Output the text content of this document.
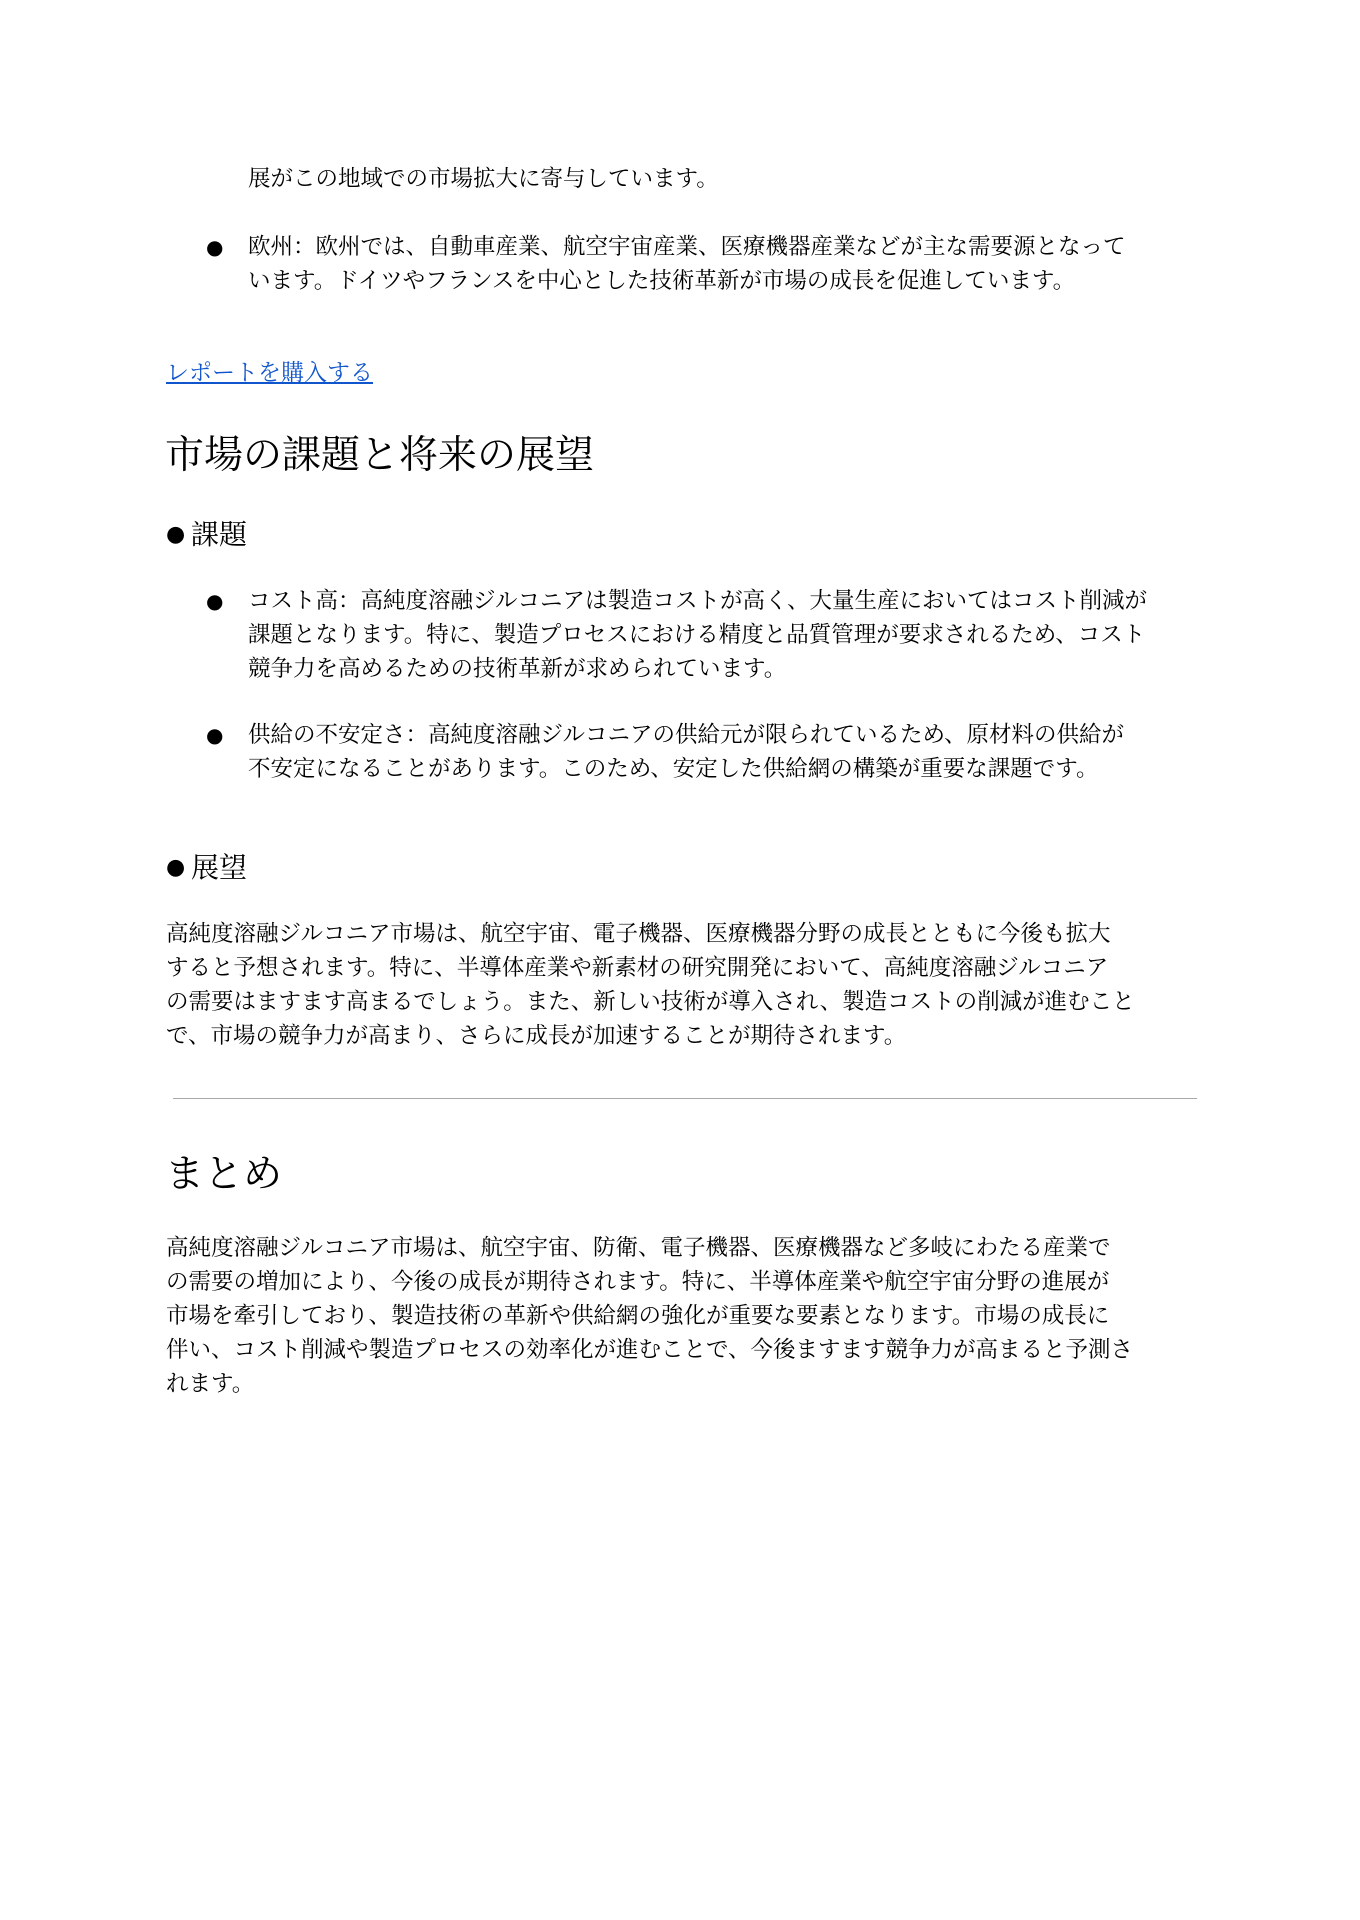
展がこの地域での市場拡大に寄与しています。

● 欧州：欧州では、自動車産業、航空宇宙産業、医療機器産業などが主な需要源となって

います。ドイツやフランスを中心とした技術革新が市場の成長を促進しています。

レポートを購入する
市場の課題と将来の展望
● 課題
● コスト高：高純度溶融ジルコニアは製造コストが高く、大量生産においてはコスト削減が

課題となります。特に、製造プロセスにおける精度と品質管理が要求されるため、コスト

競争力を高めるための技術革新が求められています。

● 供給の不安定さ：高純度溶融ジルコニアの供給元が限られているため、原材料の供給が

不安定になることがあります。このため、安定した供給網の構築が重要な課題です。

● 展望

高純度溶融ジルコニア市場は、航空宇宙、電子機器、医療機器分野の成長とともに今後も拡大

すると予想されます。特に、半導体産業や新素材の研究開発において、高純度溶融ジルコニア

の需要はますます高まるでしょう。また、新しい技術が導入され、製造コストの削減が進むこと

で、市場の競争力が高まり、さらに成長が加速することが期待されます。

まとめ

高純度溶融ジルコニア市場は、航空宇宙、防衛、電子機器、医療機器など多岐にわたる産業で

の需要の増加により、今後の成長が期待されます。特に、半導体産業や航空宇宙分野の進展が

市場を牽引しており、製造技術の革新や供給網の強化が重要な要素となります。市場の成長に

伴い、コスト削減や製造プロセスの効率化が進むことで、今後ますます競争力が高まると予測さ

れます。
